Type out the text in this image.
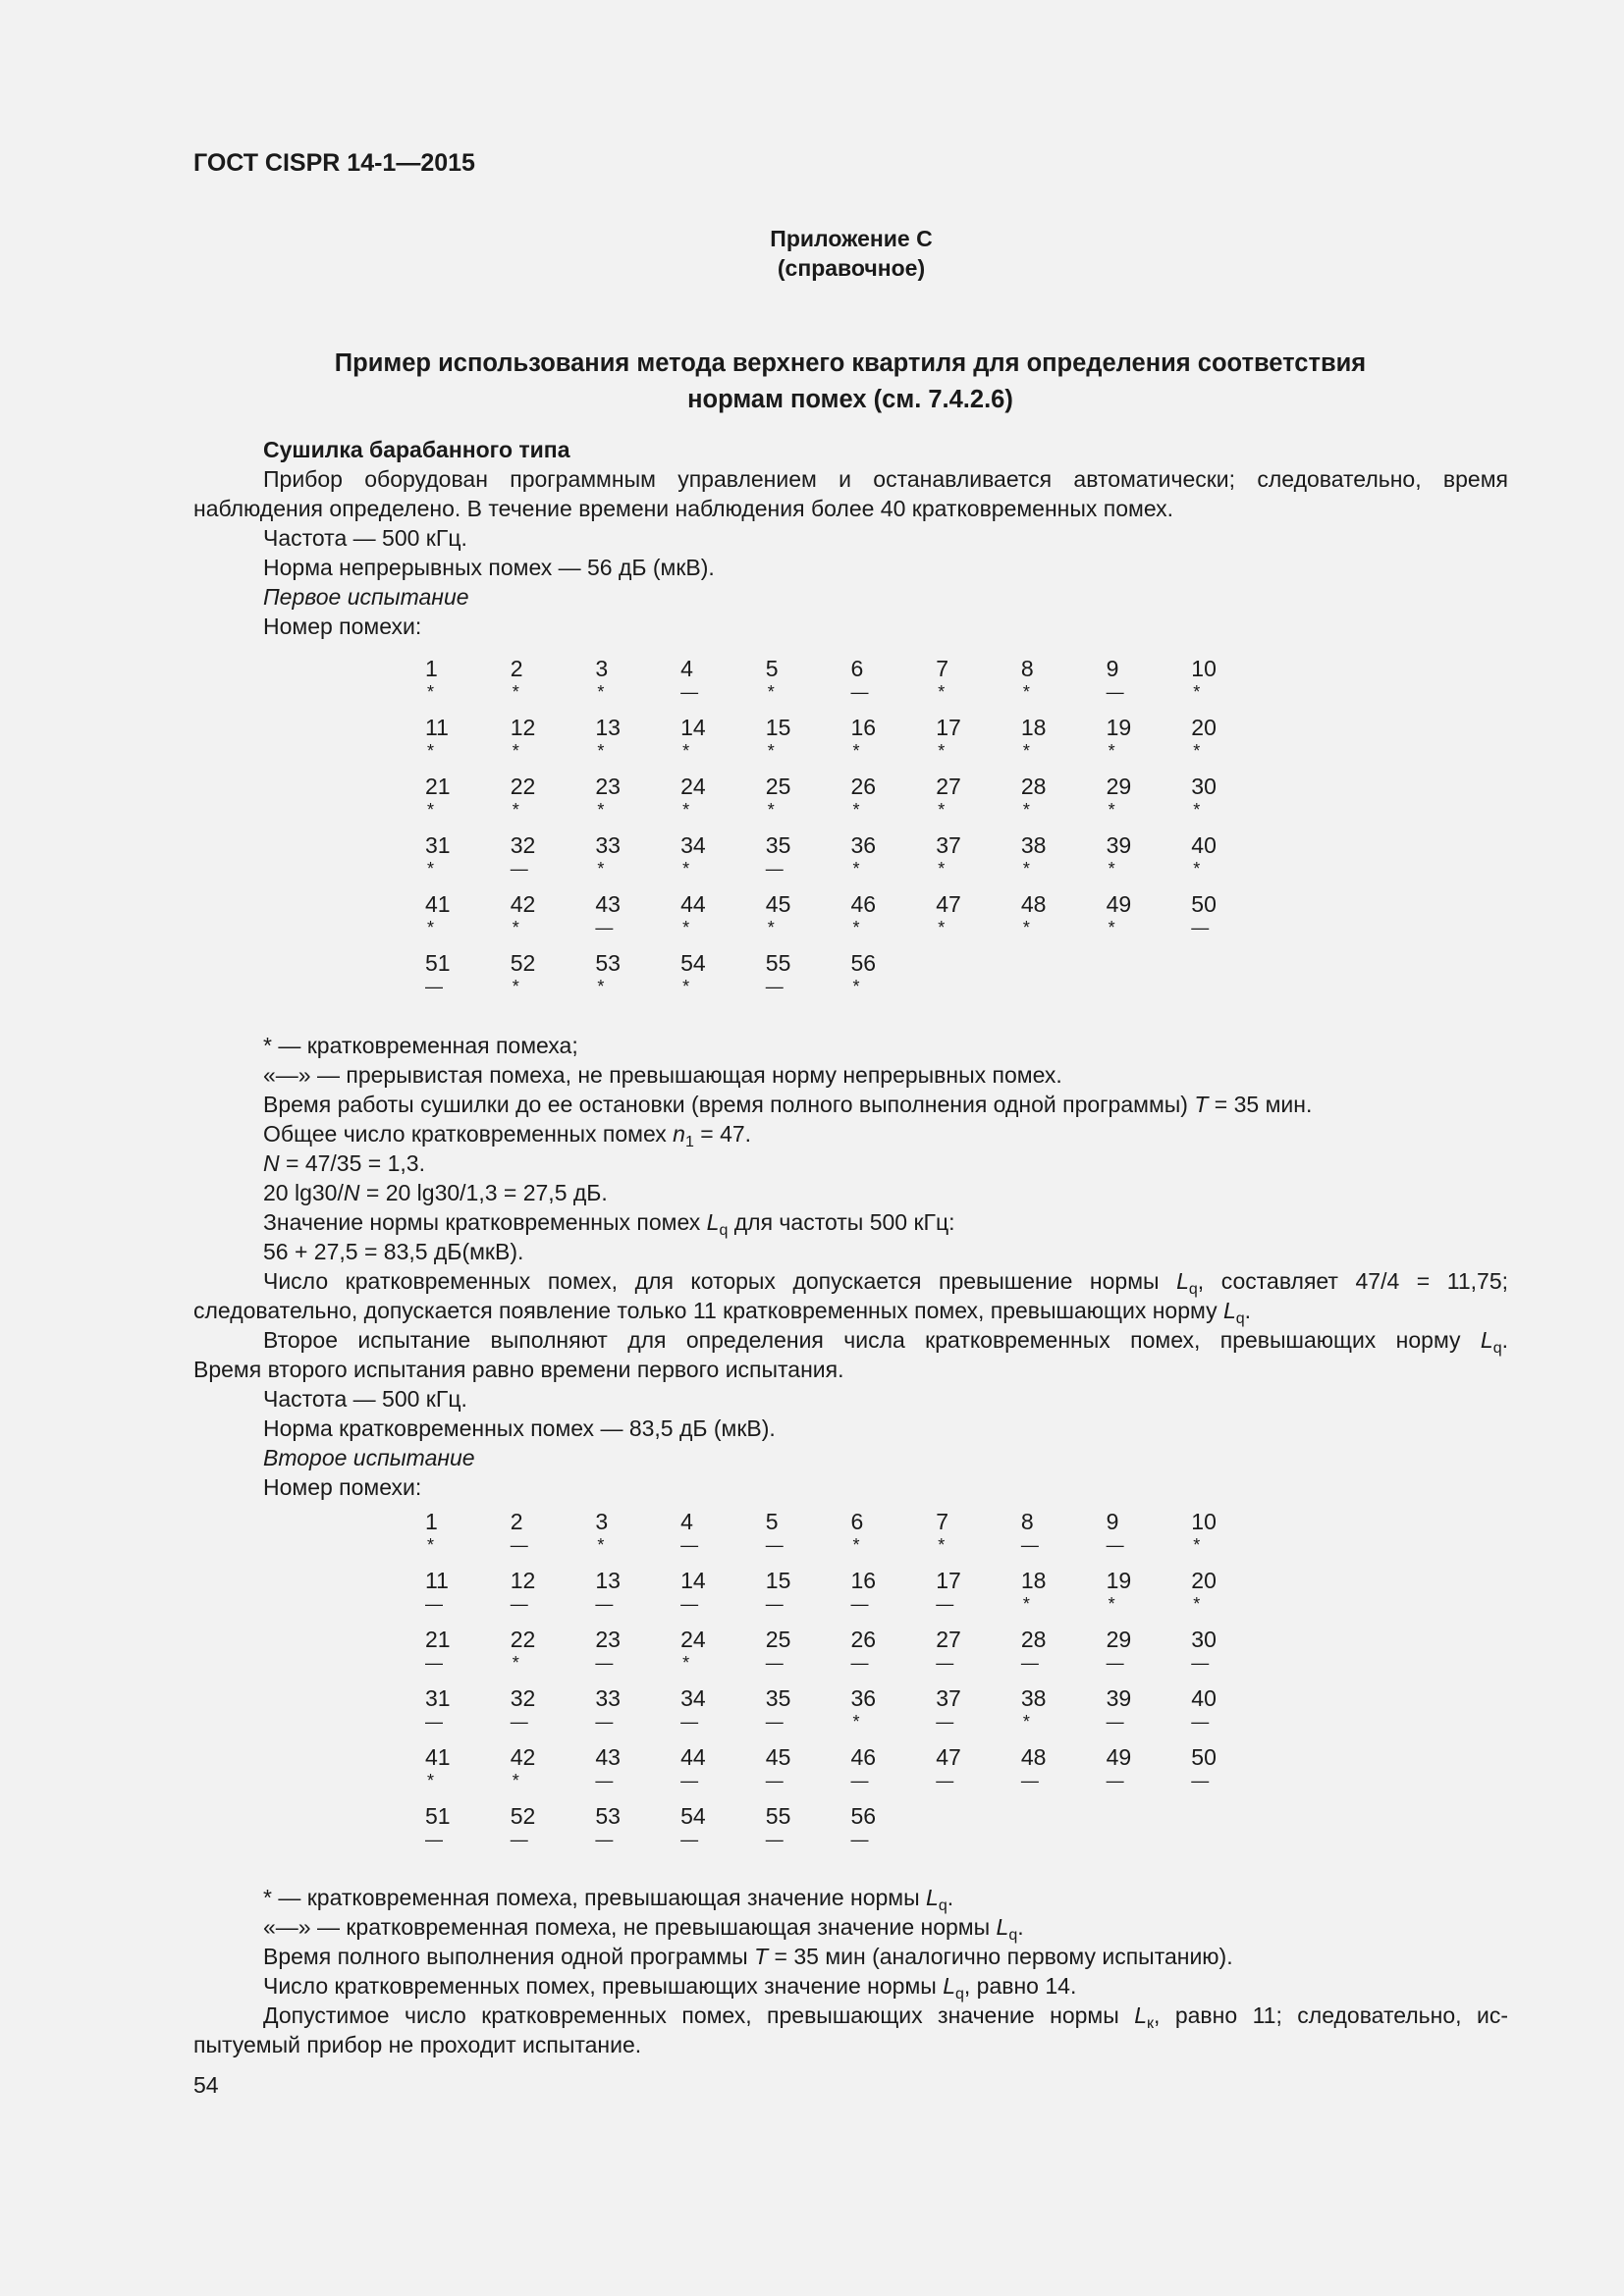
ГОСТ CISPR 14-1—2015
Приложение С
(справочное)
Пример использования метода верхнего квартиля для определения соответствия
нормам помех (см. 7.4.2.6)

Сушилка барабанного типа

Прибор оборудован программным управлением и останавливается автоматически; следовательно, время

наблюдения определено. В течение времени наблюдения более 40 кратковременных помех.

Частота — 500 кГц.

Норма непрерывных помех — 56 дБ (мкВ).

Первое испытание

Номер помехи:

1
*
2
*
3
*
4
—
5
*
6
—
7
*
8
*
9
—
10
*
11
*
12
*
13
*
14
*
15
*
16
*
17
*
18
*
19
*
20
*
21
*
22
*
23
*
24
*
25
*
26
*
27
*
28
*
29
*
30
*
31
*
32
—
33
*
34
*
35
—
36
*
37
*
38
*
39
*
40
*
41
*
42
*
43
—
44
*
45
*
46
*
47
*
48
*
49
*
50
—
51
—
52
*
53
*
54
*
55
—
56
*

* — кратковременная помеха;

«—» — прерывистая помеха, не превышающая норму непрерывных помех.

Время работы сушилки до ее остановки (время полного выполнения одной программы) T = 35 мин.

Общее число кратковременных помех $n_1 = 47$.

N = 47/35 = 1,3.

20 lg30/N = 20 lg30/1,3 = 27,5 дБ.

Значение нормы кратковременных помех $L_q$ для частоты 500 кГц:

56 + 27,5 = 83,5 дБ(мкВ).

Число кратковременных помех, для которых допускается превышение нормы $L_q$, составляет 47/4 = 11,75;

следовательно, допускается появление только 11 кратковременных помех, превышающих норму $L_q$.

Второе испытание выполняют для определения числа кратковременных помех, превышающих норму $L_q$.

Время второго испытания равно времени первого испытания.

Частота — 500 кГц.

Норма кратковременных помех — 83,5 дБ (мкВ).

Второе испытание

Номер помехи:

1
*
2
—
3
*
4
—
5
—
6
*
7
*
8
—
9
—
10
*
11
—
12
—
13
—
14
—
15
—
16
—
17
—
18
*
19
*
20
*
21
—
22
*
23
—
24
*
25
—
26
—
27
—
28
—
29
—
30
—
31
—
32
—
33
—
34
—
35
—
36
*
37
—
38
*
39
—
40
—
41
*
42
*
43
—
44
—
45
—
46
—
47
—
48
—
49
—
50
—
51
—
52
—
53
—
54
—
55
—
56
—

* — кратковременная помеха, превышающая значение нормы $L_q$.

«—» — кратковременная помеха, не превышающая значение нормы $L_q$.

Время полного выполнения одной программы T = 35 мин (аналогично первому испытанию).

Число кратковременных помех, превышающих значение нормы $L_q$, равно 14.

Допустимое число кратковременных помех, превышающих значение нормы $L_к$, равно 11; следовательно, ис-

пытуемый прибор не проходит испытание.

54
